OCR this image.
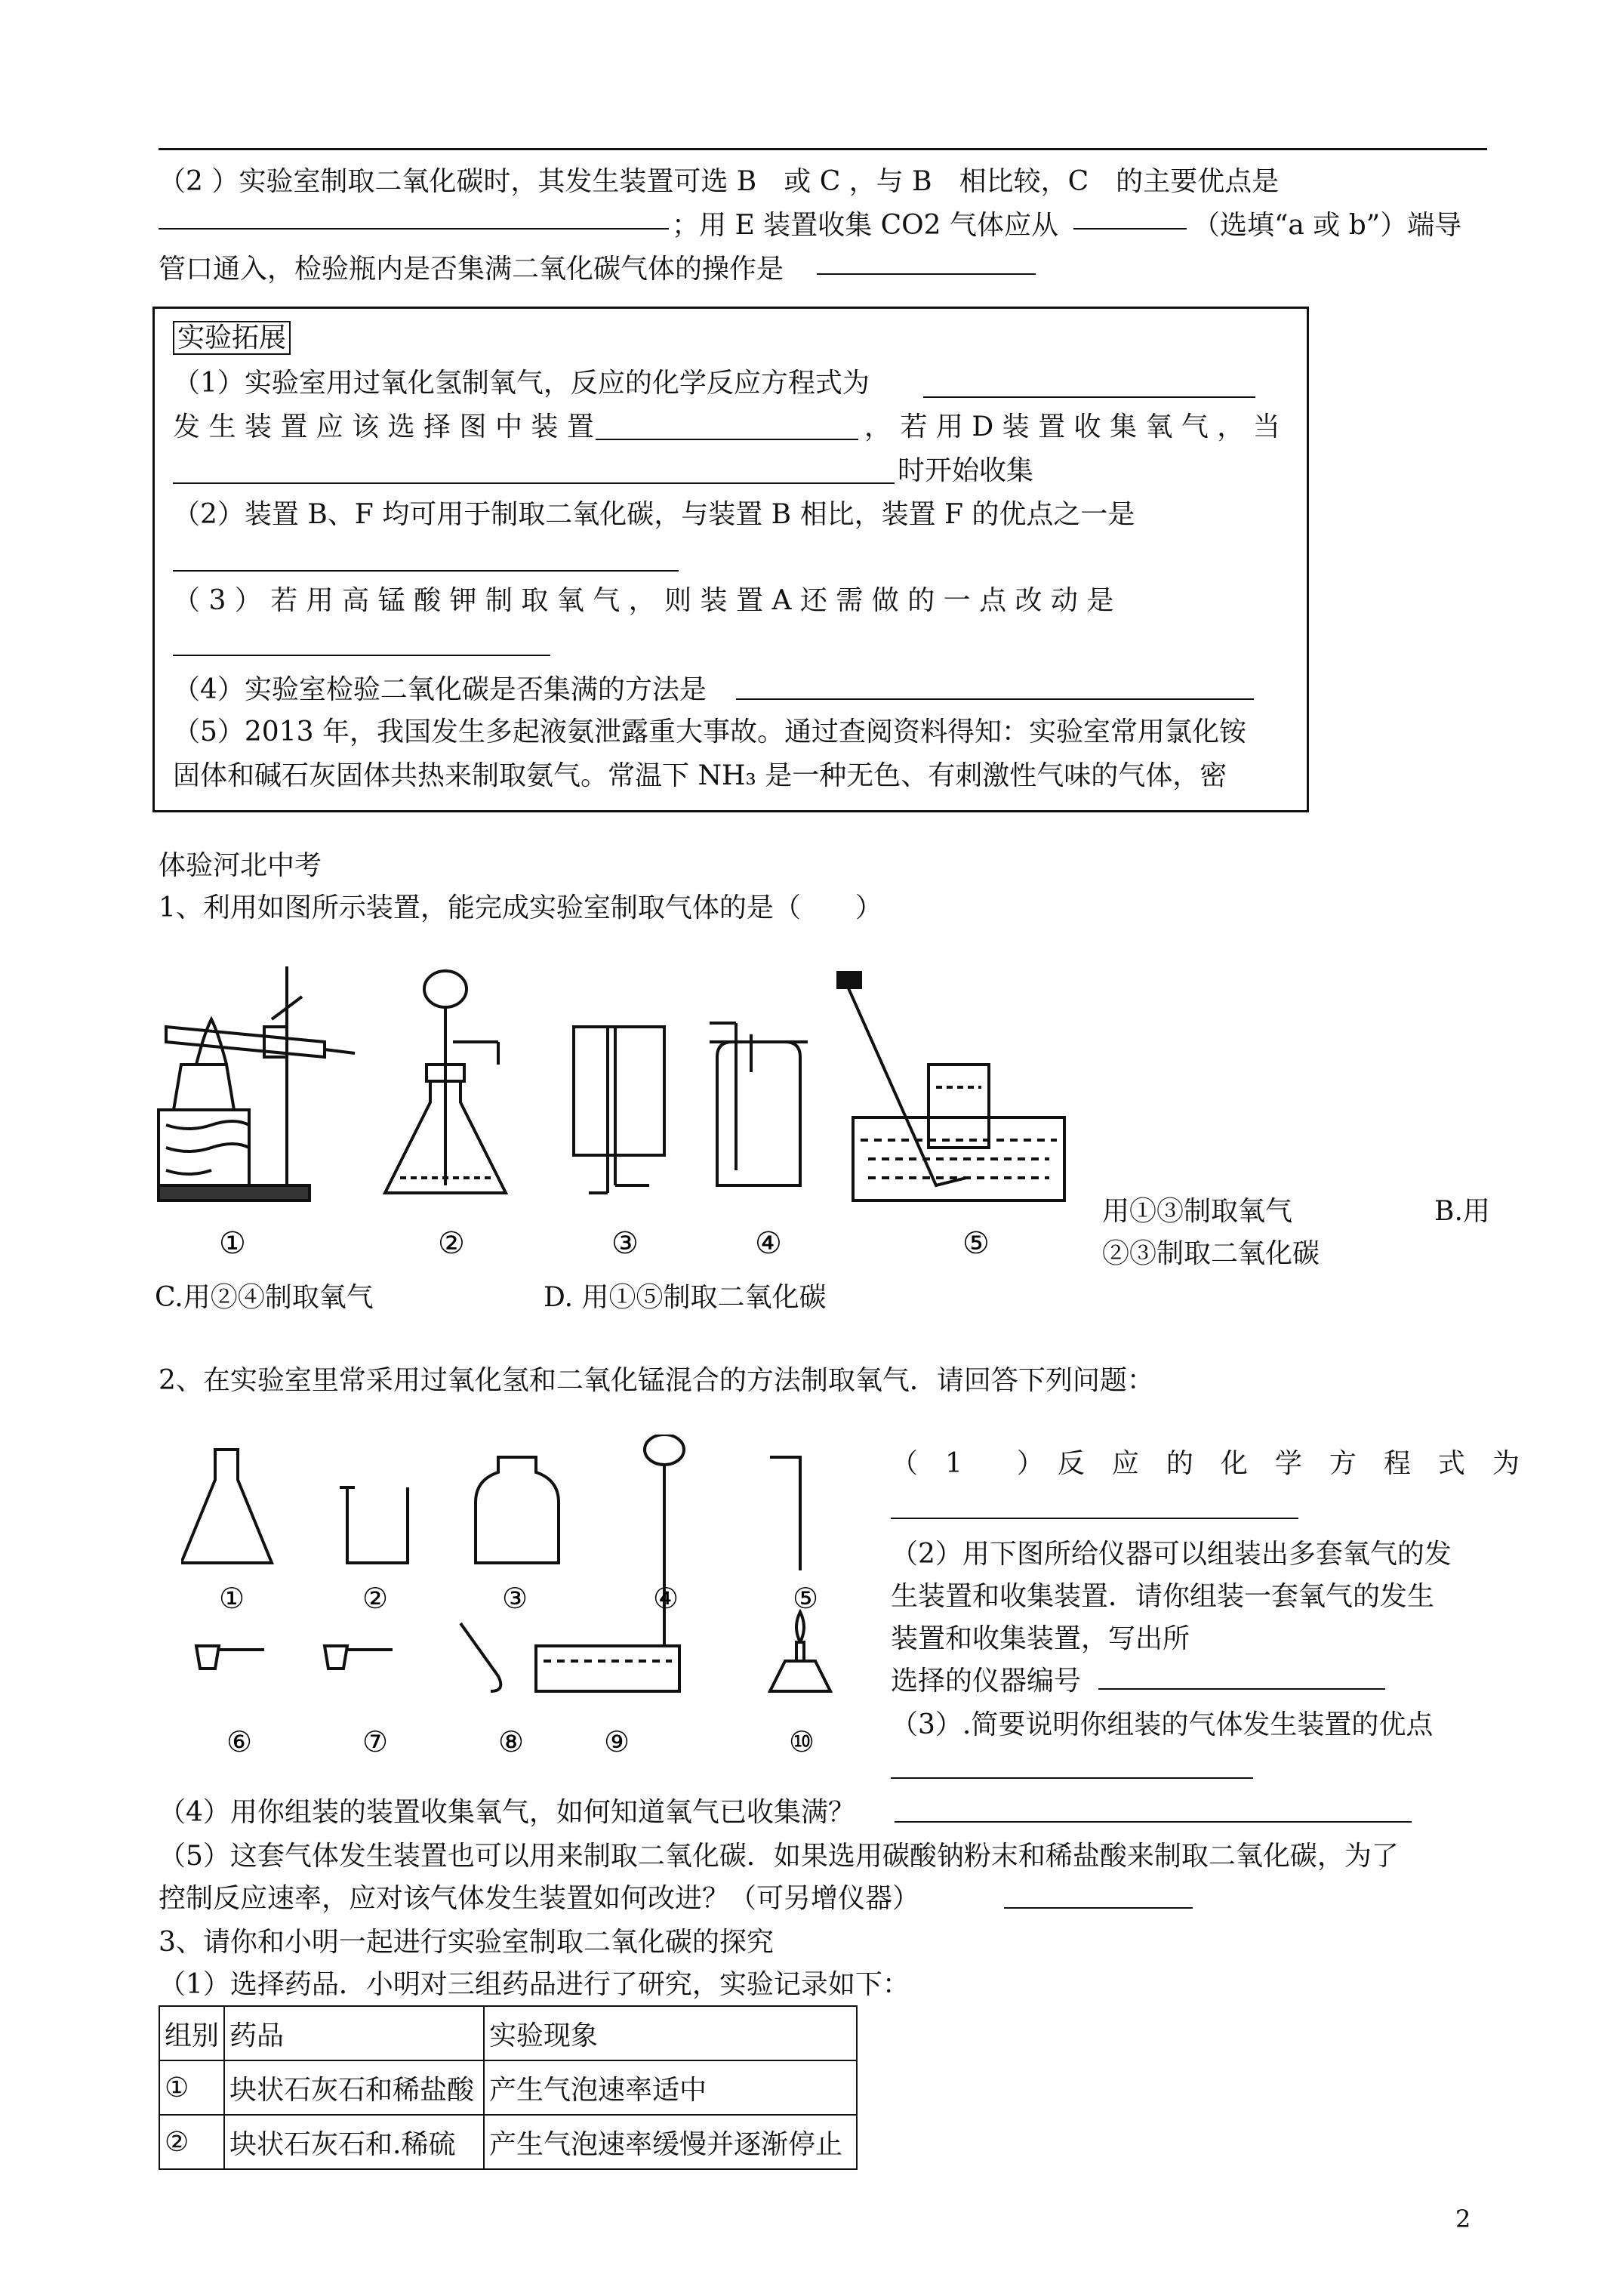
（2 ）实验室制取二氧化碳时，其发生装置可选 B　或 C ，与 B　相比较，C　的主要优点是
；用 E 装置收集 CO2 气体应从	（选填“a 或 b”）端导
管口通入，检验瓶内是否集满二氧化碳气体的操作是
实验拓展
（1）实验室用过氧化氢制氧气，反应的化学反应方程式为
发 生 装 置 应 该 选 择 图 中 装 置	， 若 用 D 装 置 收 集 氧 气 ， 当
时开始收集
（2）装置 B、F 均可用于制取二氧化碳，与装置 B 相比，装置 F 的优点之一是
（ 3 ） 若 用 高 锰 酸 钾 制 取 氧 气 ， 则 装 置 A 还 需 做 的 一 点 改 动 是
（4）实验室检验二氧化碳是否集满的方法是
（5）2013 年，我国发生多起液氨泄露重大事故。通过查阅资料得知：实验室常用氯化铵
固体和碱石灰固体共热来制取氨气。常温下 NH₃ 是一种无色、有刺激性气味的气体，密
体验河北中考
1、利用如图所示装置，能完成实验室制取气体的是（　　）
①	②	③	④	⑤
用①③制取氧气	B.用
②③制取二氧化碳
C.用②④制取氧气	D. 用①⑤制取二氧化碳
2、在实验室里常采用过氧化氢和二氧化锰混合的方法制取氧气．请回答下列问题：
①	②	③	④	⑤
⑥	⑦	⑧	⑨	⑩
（　1　　）　反　应　的　化　学　方　程　式　为
（2）用下图所给仪器可以组装出多套氧气的发
生装置和收集装置．请你组装一套氧气的发生
装置和收集装置，写出所
选择的仪器编号
（3）.简要说明你组装的气体发生装置的优点
（4）用你组装的装置收集氧气，如何知道氧气已收集满？
（5）这套气体发生装置也可以用来制取二氧化碳．如果选用碳酸钠粉末和稀盐酸来制取二氧化碳，为了
控制反应速率，应对该气体发生装置如何改进？（可另增仪器）
3、请你和小明一起进行实验室制取二氧化碳的探究
（1）选择药品．小明对三组药品进行了研究，实验记录如下：
组别	药品	实验现象
①	块状石灰石和稀盐酸	产生气泡速率适中
②	块状石灰石和.稀硫	产生气泡速率缓慢并逐渐停止
2
